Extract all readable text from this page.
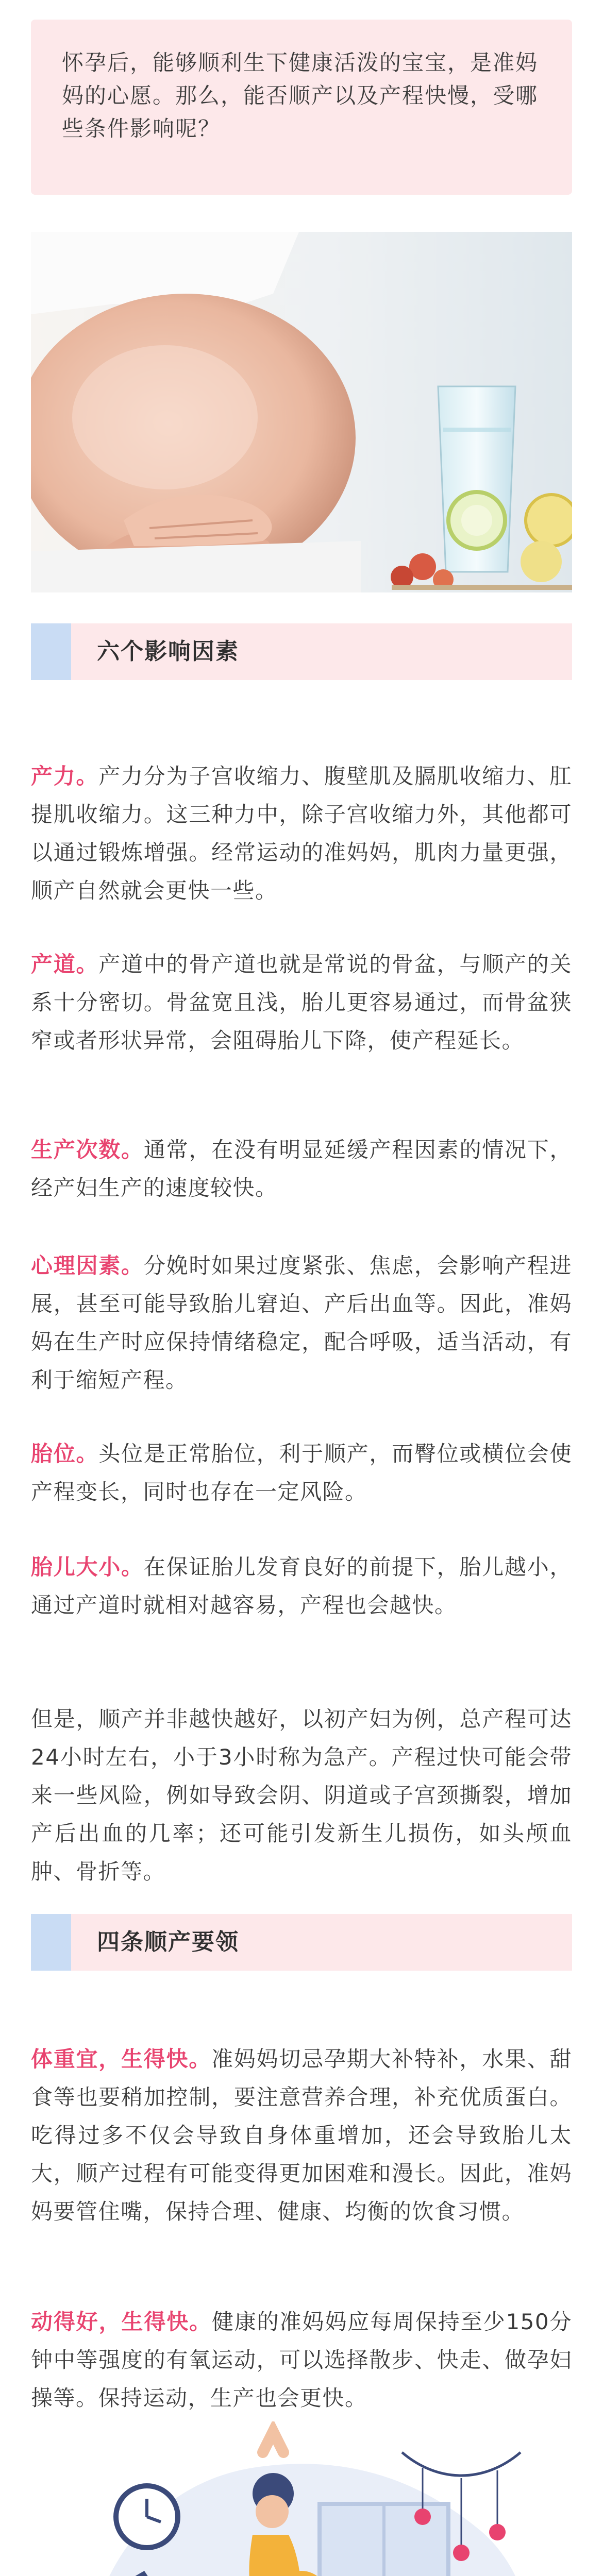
怀孕后，能够顺利生下健康活泼的宝宝，是准妈妈的心愿。那么，能否顺产以及产程快慢，受哪些条件影响呢？

六个影响因素

产力。产力分为子宫收缩力、腹壁肌及膈肌收缩力、肛提肌收缩力。这三种力中，除子宫收缩力外，其他都可以通过锻炼增强。经常运动的准妈妈，肌肉力量更强，顺产自然就会更快一些。

产道。产道中的骨产道也就是常说的骨盆，与顺产的关系十分密切。骨盆宽且浅，胎儿更容易通过，而骨盆狭窄或者形状异常，会阻碍胎儿下降，使产程延长。

生产次数。通常，在没有明显延缓产程因素的情况下，经产妇生产的速度较快。

心理因素。分娩时如果过度紧张、焦虑，会影响产程进展，甚至可能导致胎儿窘迫、产后出血等。因此，准妈妈在生产时应保持情绪稳定，配合呼吸，适当活动，有利于缩短产程。

胎位。头位是正常胎位，利于顺产，而臀位或横位会使产程变长，同时也存在一定风险。

胎儿大小。在保证胎儿发育良好的前提下，胎儿越小，通过产道时就相对越容易，产程也会越快。

但是，顺产并非越快越好，以初产妇为例，总产程可达24小时左右，小于3小时称为急产。产程过快可能会带来一些风险，例如导致会阴、阴道或子宫颈撕裂，增加产后出血的几率；还可能引发新生儿损伤，如头颅血肿、骨折等。

四条顺产要领

体重宜，生得快。准妈妈切忌孕期大补特补，水果、甜食等也要稍加控制，要注意营养合理，补充优质蛋白。吃得过多不仅会导致自身体重增加，还会导致胎儿太大，顺产过程有可能变得更加困难和漫长。因此，准妈妈要管住嘴，保持合理、健康、均衡的饮食习惯。

动得好，生得快。健康的准妈妈应每周保持至少150分钟中等强度的有氧运动，可以选择散步、快走、做孕妇操等。保持运动，生产也会更快。
